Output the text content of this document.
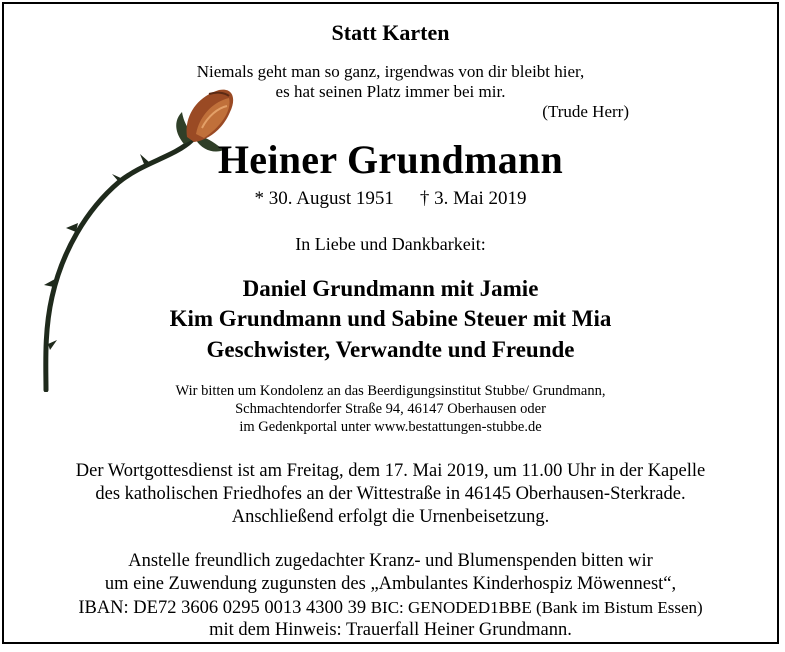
Statt Karten
Niemals geht man so ganz, irgendwas von dir bleibt hier,
es hat seinen Platz immer bei mir.
(Trude Herr)
Heiner Grundmann
* 30. August 1951 † 3. Mai 2019
In Liebe und Dankbarkeit:
Daniel Grundmann mit Jamie
Kim Grundmann und Sabine Steuer mit Mia
Geschwister, Verwandte und Freunde
Wir bitten um Kondolenz an das Beerdigungsinstitut Stubbe/ Grundmann,
Schmachtendorfer Straße 94, 46147 Oberhausen oder
im Gedenkportal unter www.bestattungen-stubbe.de
Der Wortgottesdienst ist am Freitag, dem 17. Mai 2019, um 11.00 Uhr in der Kapelle
des katholischen Friedhofes an der Wittestraße in 46145 Oberhausen-Sterkrade.
Anschließend erfolgt die Urnenbeisetzung.
Anstelle freundlich zugedachter Kranz- und Blumenspenden bitten wir
um eine Zuwendung zugunsten des „Ambulantes Kinderhospiz Möwennest“,
IBAN: DE72 3606 0295 0013 4300 39 BIC: GENODED1BBE (Bank im Bistum Essen)
mit dem Hinweis: Trauerfall Heiner Grundmann.
